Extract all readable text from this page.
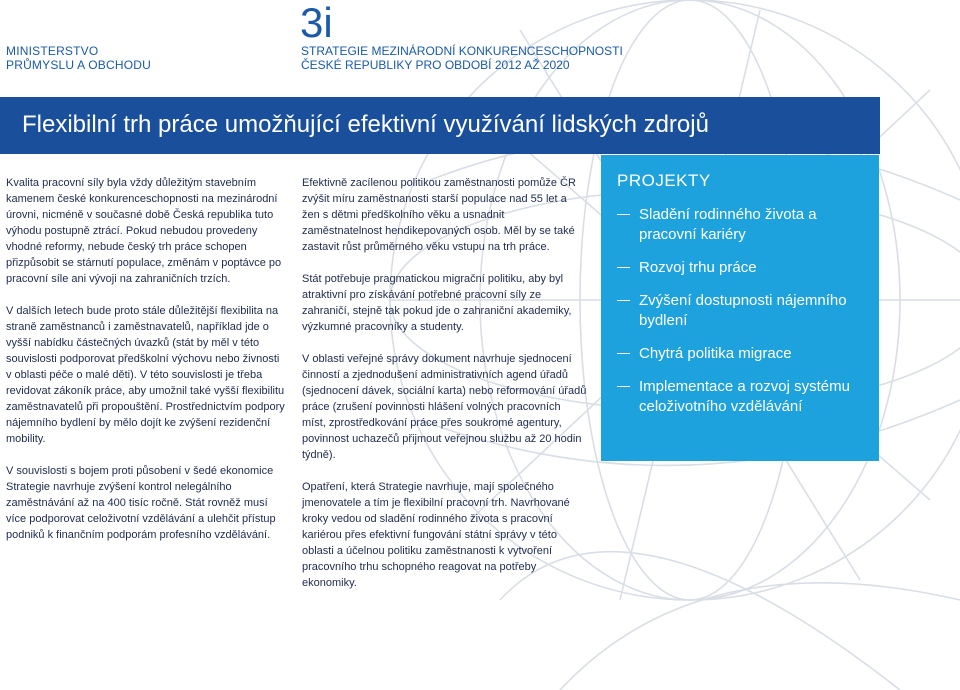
MINISTERSTVO
PRŮMYSLU A OBCHODU
3i
STRATEGIE MEZINÁRODNÍ KONKURENCESCHOPNOSTI
ČESKÉ REPUBLIKY PRO OBDOBÍ 2012 AŽ 2020
Flexibilní trh práce umožňující efektivní využívání lidských zdrojů

Kvalita pracovní síly byla vždy důležitým stavebním kamenem české konkurenceschopnosti na mezinárodní úrovni, nicméně v současné době Česká republika tuto výhodu postupně ztrácí. Pokud nebudou provedeny vhodné reformy, nebude český trh práce schopen přizpůsobit se stárnutí populace, změnám v poptávce po pracovní síle ani vývoji na zahraničních trzích.

V dalších letech bude proto stále důležitější flexibilita na straně zaměstnanců i zaměstnavatelů, například jde o vyšší nabídku částečných úvazků (stát by měl v této souvislosti podporovat předškolní výchovu nebo živnosti v oblasti péče o malé děti). V této souvislosti je třeba revidovat zákoník práce, aby umožnil také vyšší flexibilitu zaměstnavatelů při propouštění. Prostřednictvím podpory nájemního bydlení by mělo dojít ke zvýšení rezidenční mobility.

V souvislosti s bojem proti působení v šedé ekonomice Strategie navrhuje zvýšení kontrol nelegálního zaměstnávání až na 400 tisíc ročně. Stát rovněž musí více podporovat celoživotní vzdělávání a ulehčit přístup podniků k finančním podporám profesního vzdělávání.

Efektivně zacílenou politikou zaměstnanosti pomůže ČR zvýšit míru zaměstnanosti starší populace nad 55 let a žen s dětmi předškolního věku a usnadnit zaměstnatelnost hendikepovaných osob. Měl by se také zastavit růst průměrného věku vstupu na trh práce.

Stát potřebuje pragmatickou migrační politiku, aby byl atraktivní pro získávání potřebné pracovní síly ze zahraničí, stejně tak pokud jde o zahraniční akademiky, výzkumné pracovníky a studenty.

V oblasti veřejné správy dokument navrhuje sjednocení činností a zjednodušení administrativních agend úřadů (sjednocení dávek, sociální karta) nebo reformování úřadů práce (zrušení povinnosti hlášení volných pracovních míst, zprostředkování práce přes soukromé agentury, povinnost uchazečů přijmout veřejnou službu až 20 hodin týdně).

Opatření, která Strategie navrhuje, mají společného jmenovatele a tím je flexibilní pracovní trh. Navrhované kroky vedou od sladění rodinného života s pracovní kariérou přes efektivní fungování státní správy v této oblasti a účelnou politiku zaměstnanosti k vytvoření pracovního trhu schopného reagovat na potřeby ekonomiky.

PROJEKTY
Sladění rodinného života a pracovní kariéry
Rozvoj trhu práce
Zvýšení dostupnosti nájemního bydlení
Chytrá politika migrace
Implementace a rozvoj systému celoživotního vzdělávání
